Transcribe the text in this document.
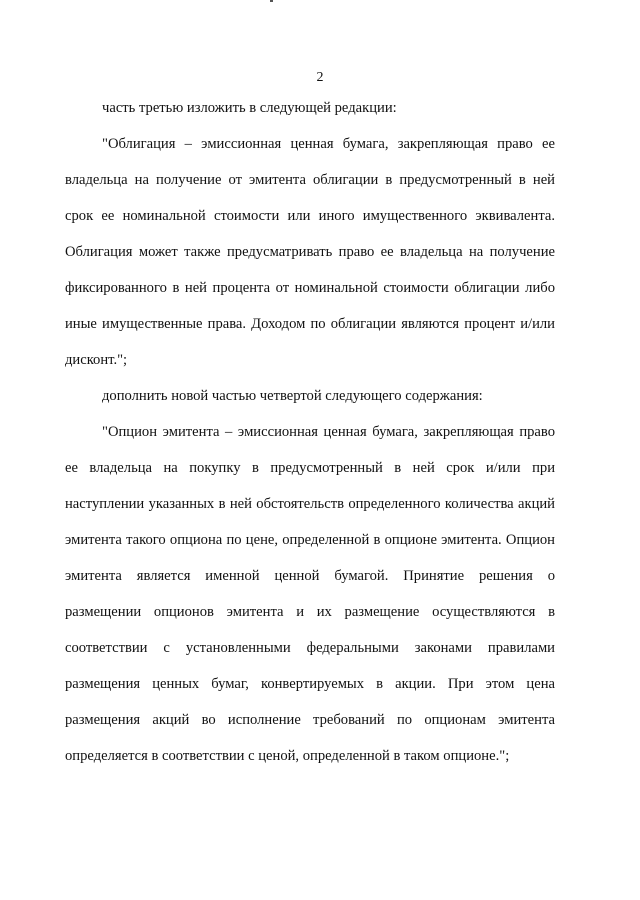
2

часть третью изложить в следующей редакции:

"Облигация – эмиссионная ценная бумага, закрепляющая право ее владельца на получение от эмитента облигации в предусмотренный в ней срок ее номинальной стоимости или иного имущественного эквивалента. Облигация может также предусматривать право ее владельца на получение фиксированного в ней процента от номинальной стоимости облигации либо иные имущественные права. Доходом по облигации являются процент и/или дисконт.";

дополнить новой частью четвертой следующего содержания:

"Опцион эмитента – эмиссионная ценная бумага, закрепляющая право ее владельца на покупку в предусмотренный в ней срок и/или при наступлении указанных в ней обстоятельств определенного количества акций эмитента такого опциона по цене, определенной в опционе эмитента. Опцион эмитента является именной ценной бумагой. Принятие решения о размещении опционов эмитента и их размещение осуществляются в соответствии с установленными федеральными законами правилами размещения ценных бумаг, конвертируемых в акции. При этом цена размещения акций во исполнение требований по опционам эмитента определяется в соответствии с ценой, определенной в таком опционе.";
